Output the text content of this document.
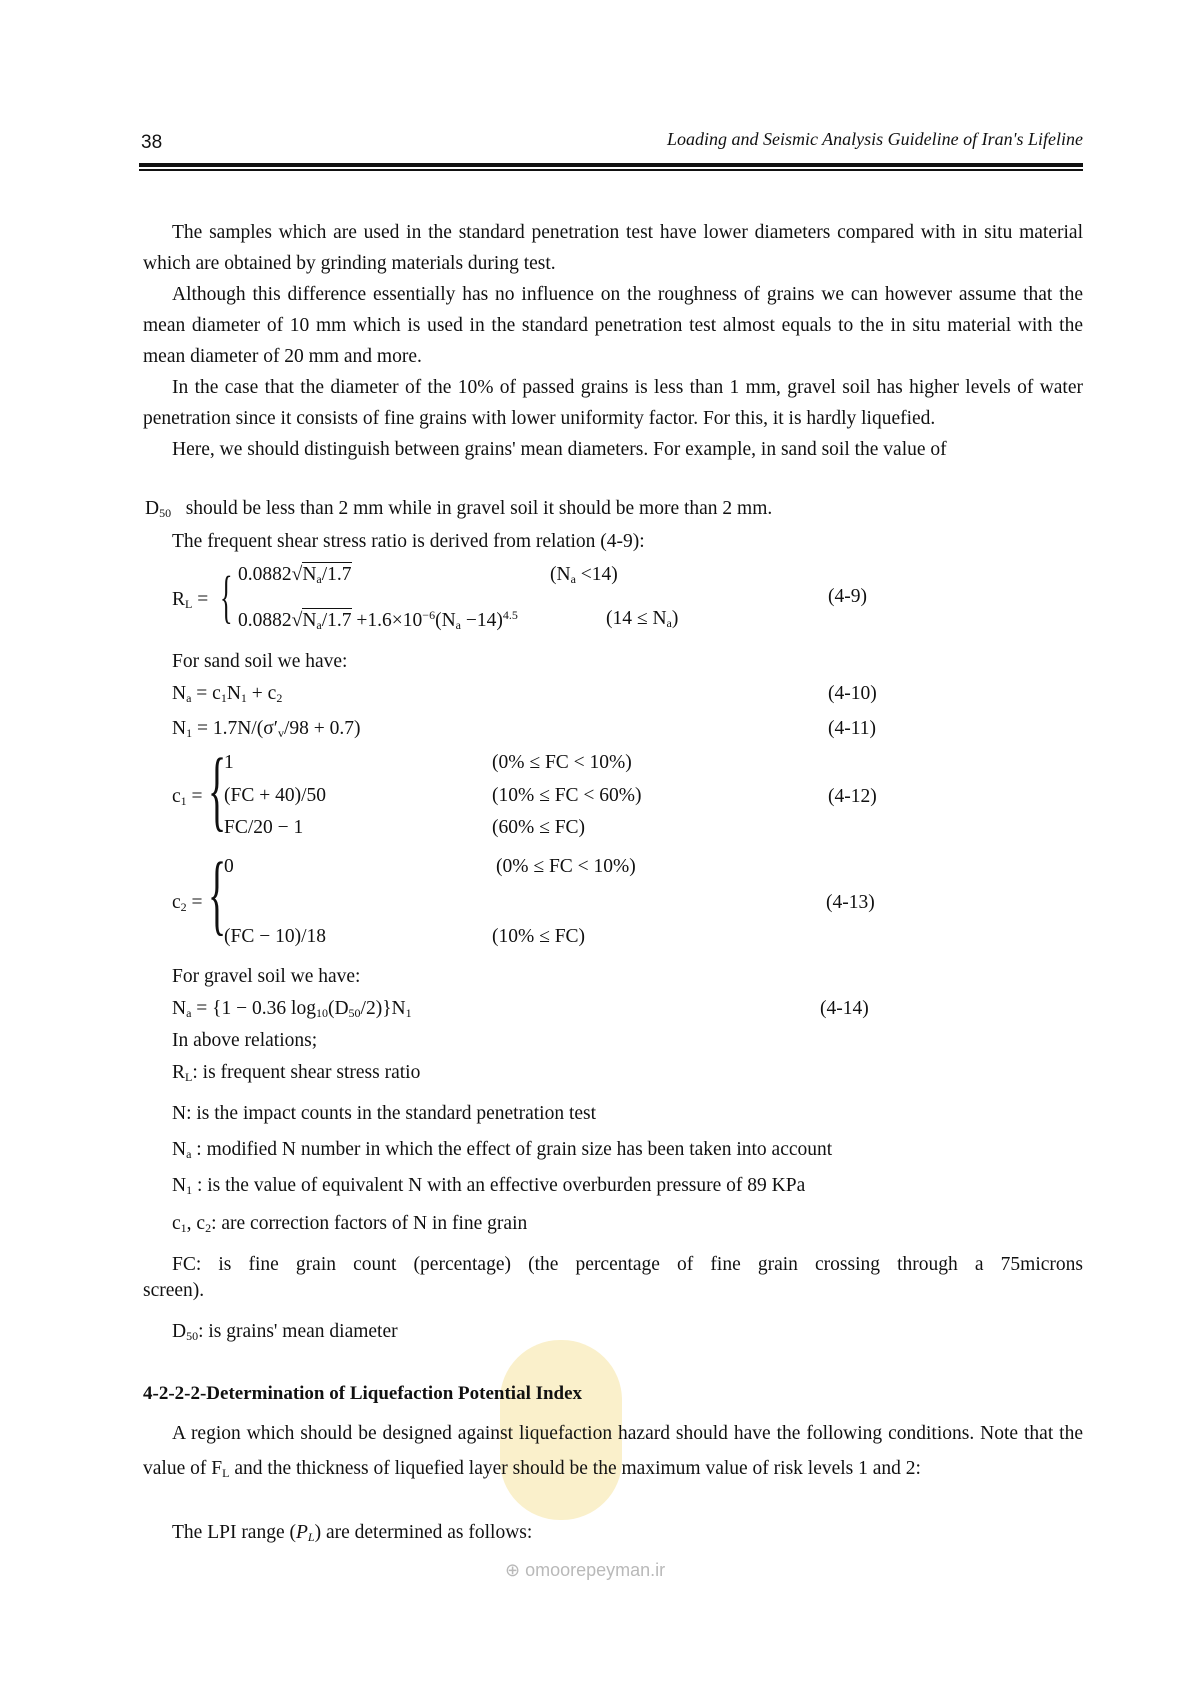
38	Loading and Seismic Analysis Guideline of Iran's Lifeline

The samples which are used in the standard penetration test have lower diameters compared with in situ material which are obtained by grinding materials during test.

Although this difference essentially has no influence on the roughness of grains we can however assume that the mean diameter of 10 mm which is used in the standard penetration test almost equals to the in situ material with the mean diameter of 20 mm and more.

In the case that the diameter of the 10% of passed grains is less than 1 mm, gravel soil has higher levels of water penetration since it consists of fine grains with lower uniformity factor. For this, it is hardly liquefied.

Here, we should distinguish between grains' mean diameters. For example, in sand soil the value of

$D_{50}$ should be less than 2 mm while in gravel soil it should be more than 2 mm.
The frequent shear stress ratio is derived from relation (4-9):
$R_L$ = { $0.0882√N_a/1.7$	$(N_a <14)$
$0.0882√N_a/1.7 +1.6\times 10^{-6}(N_a -14)^{4.5}$	$(14 \le N_a)$
(4-9)
For sand soil we have:
$N_a = c_1N_1 + c_2$	(4-10)
$N_1 = 1.7N/(\sigma'_v/98 + 0.7)$	(4-11)
$c_1$ = {
1
(FC + 40)/50
FC/20 − 1
(0% ≤ FC < 10%)
(10% ≤ FC < 60%)
(60% ≤ FC)
(4-12)
$c_2$ = {
0
(FC − 10)/18
(0% ≤ FC < 10%)
(10% ≤ FC)
(4-13)
For gravel soil we have:
$N_a = \{1 - 0.36$ $\log_{10}(D_{50}/2)\}N_1$	(4-14)
In above relations;
$R_L$: is frequent shear stress ratio
N: is the impact counts in the standard penetration test
$N_a$ : modified N number in which the effect of grain size has been taken into account
$N_1$ : is the value of equivalent N with an effective overburden pressure of 89 KPa
$c_1$, $c_2$: are correction factors of N in fine grain
FC: is fine grain count (percentage) (the percentage of fine grain crossing through a 75microns
screen).
$D_{50}$: is grains' mean diameter
⊕ omoorepeyman.ir
4-2-2-2-Determination of Liquefaction Potential Index

A region which should be designed against liquefaction hazard should have the following conditions. Note that the value of $F_L$ and the thickness of liquefied layer should be the maximum value of risk levels 1 and 2:

The LPI range $(P_L)$ are determined as follows:
